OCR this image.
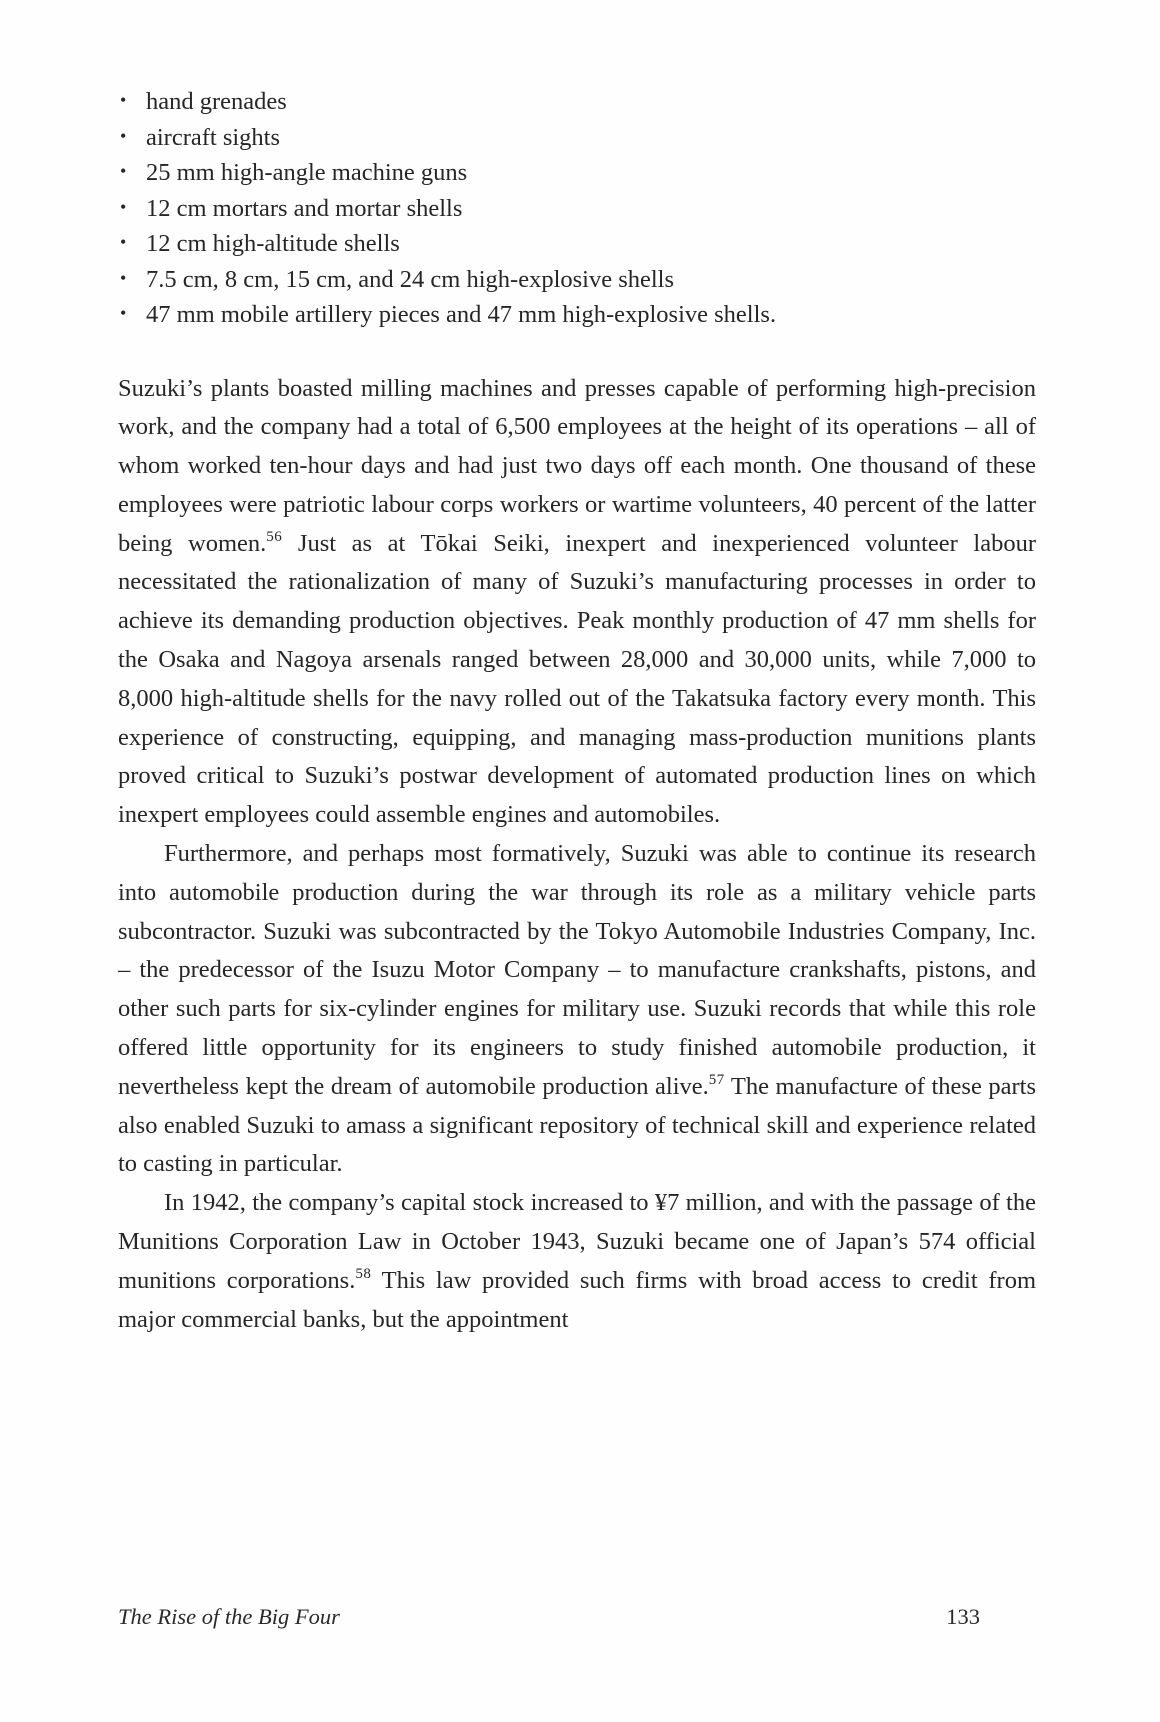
• hand grenades
• aircraft sights
• 25 mm high-angle machine guns
• 12 cm mortars and mortar shells
• 12 cm high-altitude shells
• 7.5 cm, 8 cm, 15 cm, and 24 cm high-explosive shells
• 47 mm mobile artillery pieces and 47 mm high-explosive shells.

Suzuki’s plants boasted milling machines and presses capable of performing high-precision work, and the company had a total of 6,500 employees at the height of its operations – all of whom worked ten-hour days and had just two days off each month. One thousand of these employees were patriotic labour corps workers or wartime volunteers, 40 percent of the latter being women.$^{56}$ Just as at Tōkai Seiki, inexpert and inexperienced volunteer labour necessitated the rationalization of many of Suzuki’s manufacturing processes in order to achieve its demanding production objectives. Peak monthly production of 47 mm shells for the Osaka and Nagoya arsenals ranged between 28,000 and 30,000 units, while 7,000 to 8,000 high-altitude shells for the navy rolled out of the Takatsuka factory every month. This experience of constructing, equipping, and managing mass-production munitions plants proved critical to Suzuki’s postwar development of automated production lines on which inexpert employees could assemble engines and automobiles.

Furthermore, and perhaps most formatively, Suzuki was able to continue its research into automobile production during the war through its role as a military vehicle parts subcontractor. Suzuki was subcontracted by the Tokyo Automobile Industries Company, Inc. – the predecessor of the Isuzu Motor Company – to manufacture crankshafts, pistons, and other such parts for six-cylinder engines for military use. Suzuki records that while this role offered little opportunity for its engineers to study finished automobile production, it nevertheless kept the dream of automobile production alive.$^{57}$ The manufacture of these parts also enabled Suzuki to amass a significant repository of technical skill and experience related to casting in particular.

In 1942, the company’s capital stock increased to ¥7 million, and with the passage of the Munitions Corporation Law in October 1943, Suzuki became one of Japan’s 574 official munitions corporations.$^{58}$ This law provided such firms with broad access to credit from major commercial banks, but the appointment

The Rise of the Big Four	133
